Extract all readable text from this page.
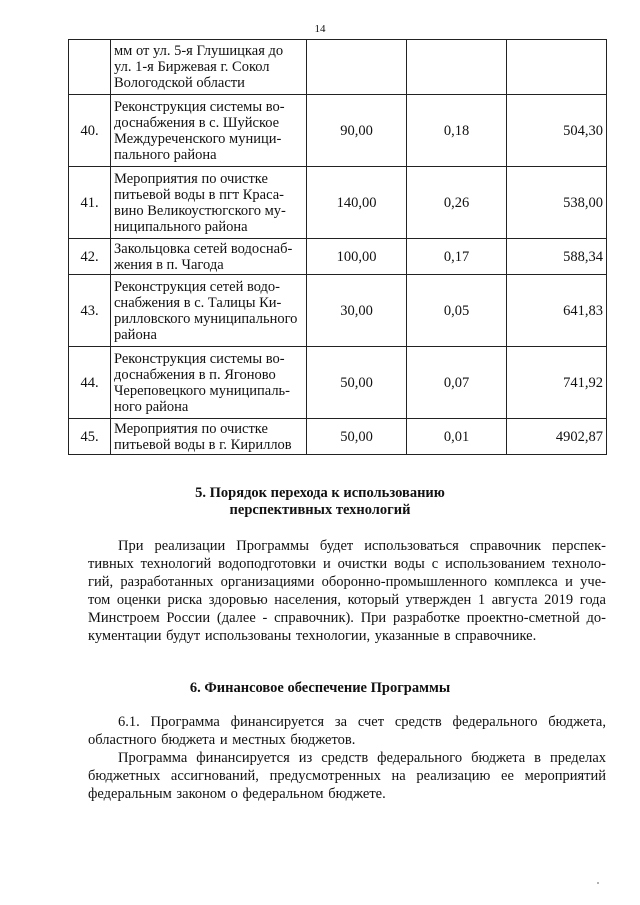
14
	мм от ул. 5-я Глушицкая до ул. 1-я Биржевая г. Сокол Вологодской области			
40.	Реконструкция системы водоснабжения в с. Шуйское Междуреченского муниципального района	90,00	0,18	504,30
41.	Мероприятия по очистке питьевой воды в пгт Красавино Великоустюгского муниципального района	140,00	0,26	538,00
42.	Закольцовка сетей водоснабжения в п. Чагода	100,00	0,17	588,34
43.	Реконструкция сетей водоснабжения в с. Талицы Кирилловского муниципального района	30,00	0,05	641,83
44.	Реконструкция системы водоснабжения в п. Ягоново Череповецкого муниципального района	50,00	0,07	741,92
45.	Мероприятия по очистке питьевой воды в г. Кириллов	50,00	0,01	4902,87
5. Порядок перехода к использованию
перспективных технологий

При реализации Программы будет использоваться справочник перспективных технологий водоподготовки и очистки воды с использованием технологий, разработанных организациями оборонно-промышленного комплекса и учетом оценки риска здоровью населения, который утвержден 1 августа 2019 года Минстроем России (далее - справочник). При разработке проектно-сметной документации будут использованы технологии, указанные в справочнике.

6. Финансовое обеспечение Программы

6.1. Программа финансируется за счет средств федерального бюджета, областного бюджета и местных бюджетов.

Программа финансируется из средств федерального бюджета в пределах бюджетных ассигнований, предусмотренных на реализацию ее мероприятий федеральным законом о федеральном бюджете.
